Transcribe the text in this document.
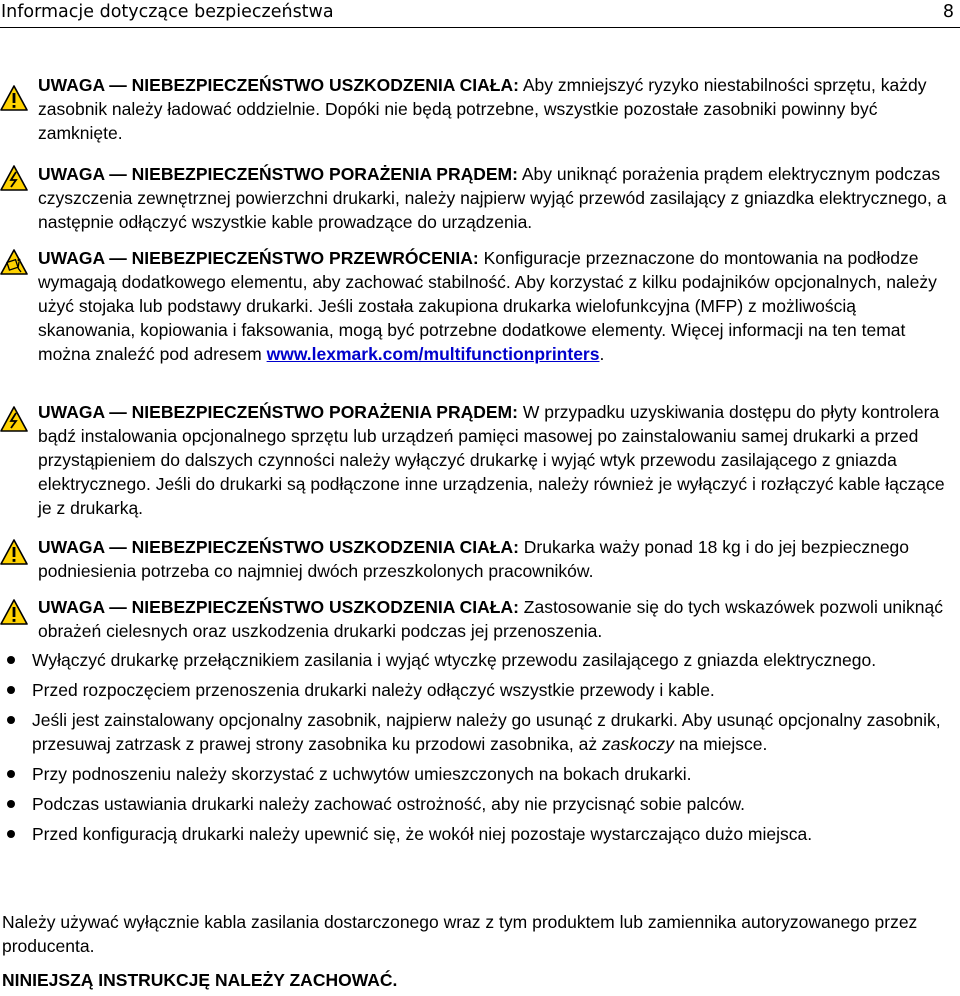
Informacje dotyczące bezpieczeństwa	8
UWAGA — NIEBEZPIECZEŃSTWO USZKODZENIA CIAŁA: Aby zmniejszyć ryzyko niestabilności sprzętu, każdy zasobnik należy ładować oddzielnie. Dopóki nie będą potrzebne, wszystkie pozostałe zasobniki powinny być zamknięte.
UWAGA — NIEBEZPIECZEŃSTWO PORAŻENIA PRĄDEM: Aby uniknąć porażenia prądem elektrycznym podczas czyszczenia zewnętrznej powierzchni drukarki, należy najpierw wyjąć przewód zasilający z gniazdka elektrycznego, a następnie odłączyć wszystkie kable prowadzące do urządzenia.
UWAGA — NIEBEZPIECZEŃSTWO PRZEWRÓCENIA: Konfiguracje przeznaczone do montowania na podłodze wymagają dodatkowego elementu, aby zachować stabilność. Aby korzystać z kilku podajników opcjonalnych, należy użyć stojaka lub podstawy drukarki. Jeśli została zakupiona drukarka wielofunkcyjna (MFP) z możliwością skanowania, kopiowania i faksowania, mogą być potrzebne dodatkowe elementy. Więcej informacji na ten temat można znaleźć pod adresem www.lexmark.com/multifunctionprinters.
UWAGA — NIEBEZPIECZEŃSTWO PORAŻENIA PRĄDEM: W przypadku uzyskiwania dostępu do płyty kontrolera bądź instalowania opcjonalnego sprzętu lub urządzeń pamięci masowej po zainstalowaniu samej drukarki a przed przystąpieniem do dalszych czynności należy wyłączyć drukarkę i wyjąć wtyk przewodu zasilającego z gniazda elektrycznego. Jeśli do drukarki są podłączone inne urządzenia, należy również je wyłączyć i rozłączyć kable łączące je z drukarką.
UWAGA — NIEBEZPIECZEŃSTWO USZKODZENIA CIAŁA: Drukarka waży ponad 18 kg i do jej bezpiecznego podniesienia potrzeba co najmniej dwóch przeszkolonych pracowników.
UWAGA — NIEBEZPIECZEŃSTWO USZKODZENIA CIAŁA: Zastosowanie się do tych wskazówek pozwoli uniknąć obrażeń cielesnych oraz uszkodzenia drukarki podczas jej przenoszenia.
Wyłączyć drukarkę przełącznikiem zasilania i wyjąć wtyczkę przewodu zasilającego z gniazda elektrycznego.
Przed rozpoczęciem przenoszenia drukarki należy odłączyć wszystkie przewody i kable.
Jeśli jest zainstalowany opcjonalny zasobnik, najpierw należy go usunąć z drukarki. Aby usunąć opcjonalny zasobnik, przesuwaj zatrzask z prawej strony zasobnika ku przodowi zasobnika, aż zaskoczy na miejsce.
Przy podnoszeniu należy skorzystać z uchwytów umieszczonych na bokach drukarki.
Podczas ustawiania drukarki należy zachować ostrożność, aby nie przycisnąć sobie palców.
Przed konfiguracją drukarki należy upewnić się, że wokół niej pozostaje wystarczająco dużo miejsca.
Należy używać wyłącznie kabla zasilania dostarczonego wraz z tym produktem lub zamiennika autoryzowanego przez producenta.
NINIEJSZĄ INSTRUKCJĘ NALEŻY ZACHOWAĆ.
